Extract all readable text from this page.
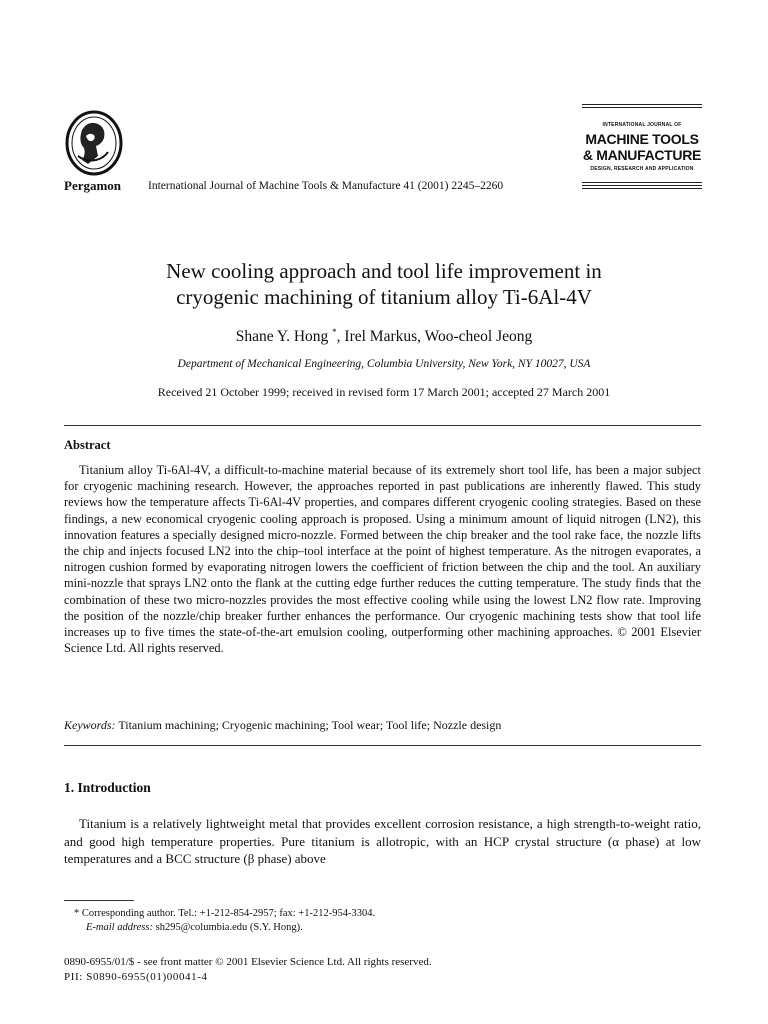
Pergamon International Journal of Machine Tools & Manufacture 41 (2001) 2245–2260
INTERNATIONAL JOURNAL OF
MACHINE TOOLS
& MANUFACTURE
DESIGN, RESEARCH AND APPLICATION
New cooling approach and tool life improvement in
cryogenic machining of titanium alloy Ti-6Al-4V
Shane Y. Hong *, Irel Markus, Woo-cheol Jeong
Department of Mechanical Engineering, Columbia University, New York, NY 10027, USA
Received 21 October 1999; received in revised form 17 March 2001; accepted 27 March 2001
Abstract

Titanium alloy Ti-6Al-4V, a difficult-to-machine material because of its extremely short tool life, has been a major subject for cryogenic machining research. However, the approaches reported in past publications are inherently flawed. This study reviews how the temperature affects Ti-6Al-4V properties, and compares different cryogenic cooling strategies. Based on these findings, a new economical cryogenic cooling approach is proposed. Using a minimum amount of liquid nitrogen (LN2), this innovation features a specially designed micro-nozzle. Formed between the chip breaker and the tool rake face, the nozzle lifts the chip and injects focused LN2 into the chip–tool interface at the point of highest temperature. As the nitrogen evaporates, a nitrogen cushion formed by evaporating nitrogen lowers the coefficient of friction between the chip and the tool. An auxiliary mini-nozzle that sprays LN2 onto the flank at the cutting edge further reduces the cutting temperature. The study finds that the combination of these two micro-nozzles provides the most effective cooling while using the lowest LN2 flow rate. Improving the position of the nozzle/chip breaker further enhances the performance. Our cryogenic machining tests show that tool life increases up to five times the state-of-the-art emulsion cooling, outperforming other machining approaches. © 2001 Elsevier Science Ltd. All rights reserved.

Keywords: Titanium machining; Cryogenic machining; Tool wear; Tool life; Nozzle design
1. Introduction

Titanium is a relatively lightweight metal that provides excellent corrosion resistance, a high strength-to-weight ratio, and good high temperature properties. Pure titanium is allotropic, with an HCP crystal structure (α phase) at low temperatures and a BCC structure (β phase) above

* Corresponding author. Tel.: +1-212-854-2957; fax: +1-212-954-3304.
E-mail address: sh295@columbia.edu (S.Y. Hong).
0890-6955/01/$ - see front matter © 2001 Elsevier Science Ltd. All rights reserved.
PII: S0890-6955(01)00041-4
